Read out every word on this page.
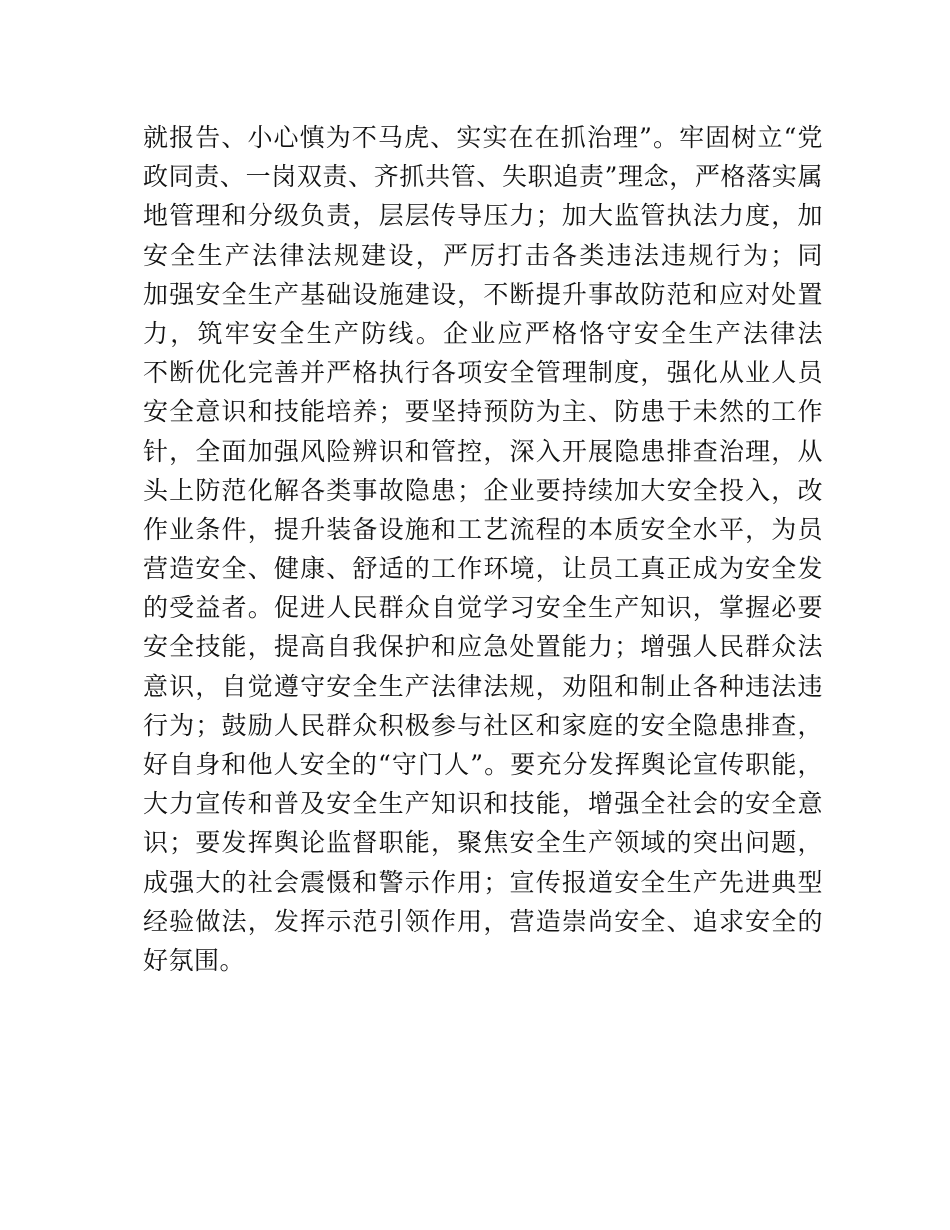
就报告、小心慎为不马虎、实实在在抓治理”。牢固树立“党
政同责、一岗双责、齐抓共管、失职追责”理念，严格落实属
地管理和分级负责，层层传导压力；加大监管执法力度，加
安全生产法律法规建设，严厉打击各类违法违规行为；同
加强安全生产基础设施建设，不断提升事故防范和应对处置
力，筑牢安全生产防线。企业应严格恪守安全生产法律法
不断优化完善并严格执行各项安全管理制度，强化从业人员
安全意识和技能培养；要坚持预防为主、防患于未然的工作
针，全面加强风险辨识和管控，深入开展隐患排查治理，从
头上防范化解各类事故隐患；企业要持续加大安全投入，改
作业条件，提升装备设施和工艺流程的本质安全水平，为员
营造安全、健康、舒适的工作环境，让员工真正成为安全发
的受益者。促进人民群众自觉学习安全生产知识，掌握必要
安全技能，提高自我保护和应急处置能力；增强人民群众法
意识，自觉遵守安全生产法律法规，劝阻和制止各种违法违
行为；鼓励人民群众积极参与社区和家庭的安全隐患排查，
好自身和他人安全的“守门人”。要充分发挥舆论宣传职能，
大力宣传和普及安全生产知识和技能，增强全社会的安全意
识；要发挥舆论监督职能，聚焦安全生产领域的突出问题，
成强大的社会震慑和警示作用；宣传报道安全生产先进典型
经验做法，发挥示范引领作用，营造崇尚安全、追求安全的
好氛围。
